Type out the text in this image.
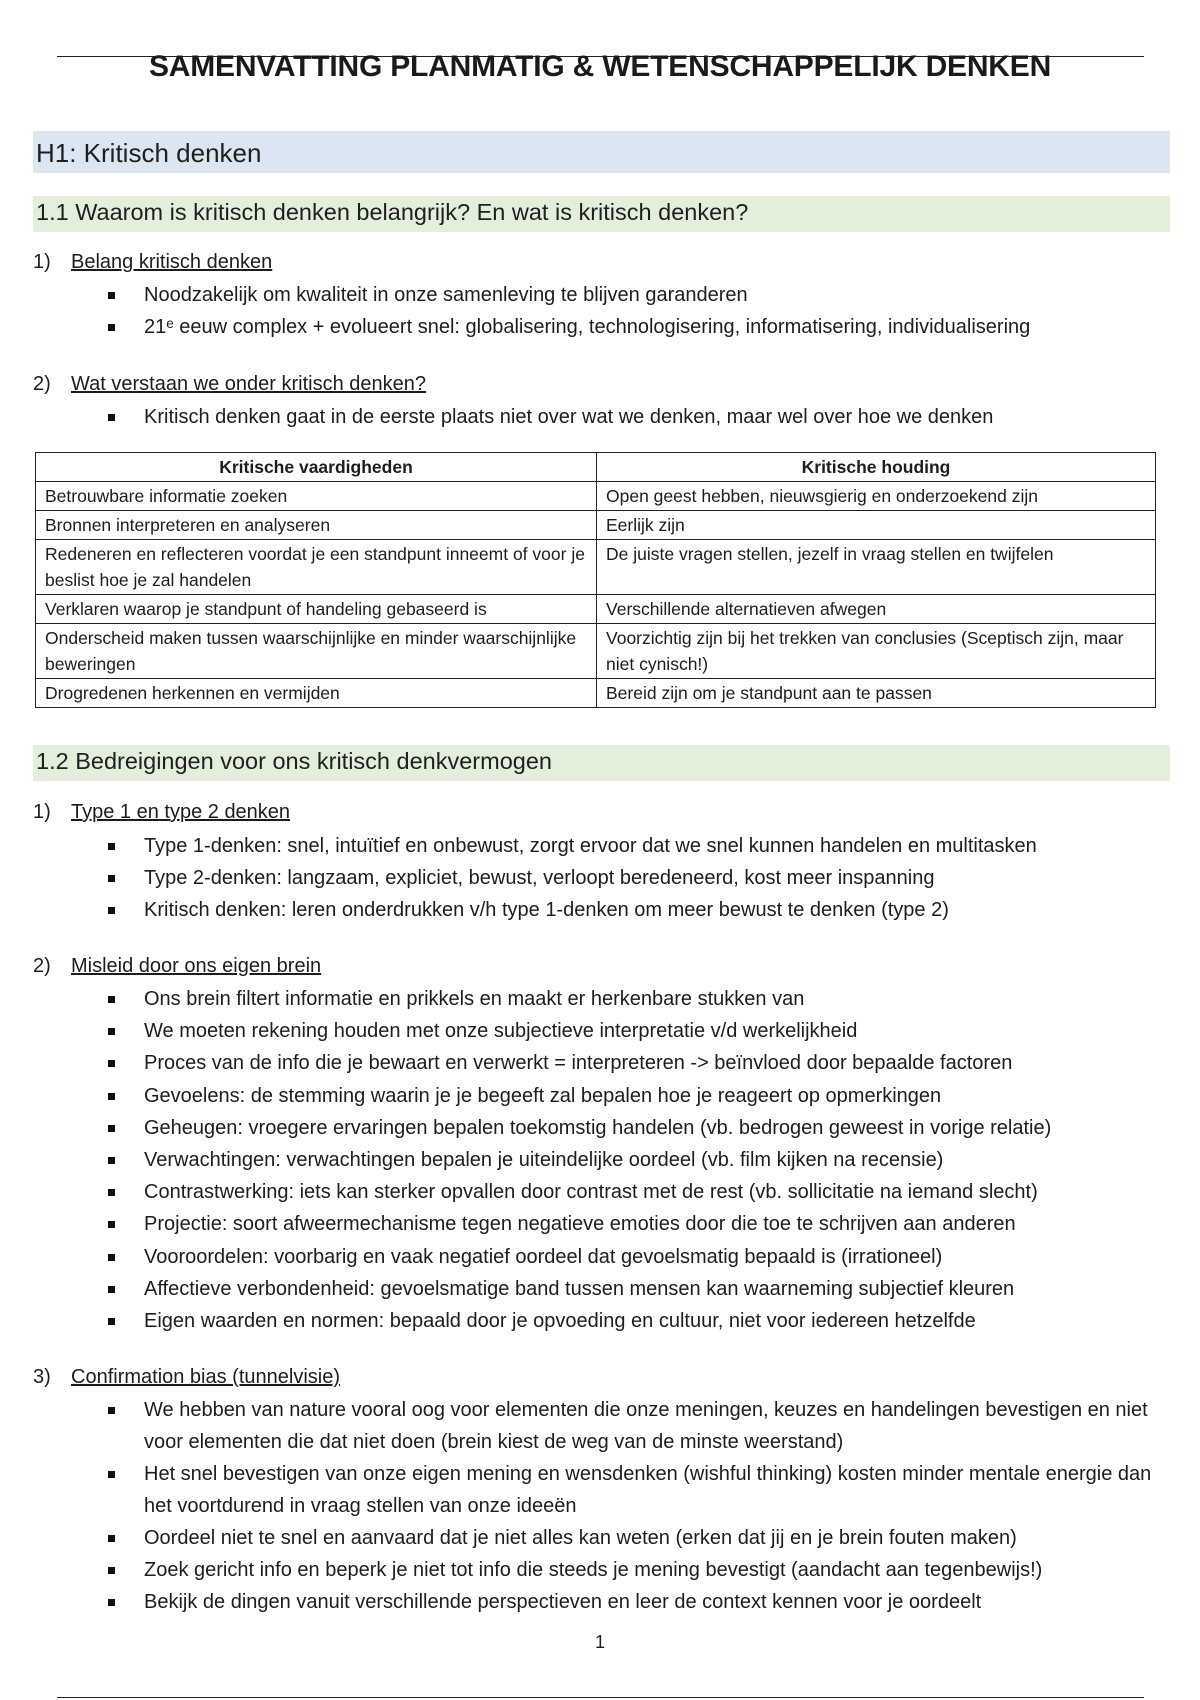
SAMENVATTING PLANMATIG & WETENSCHAPPELIJK DENKEN
H1: Kritisch denken
1.1 Waarom is kritisch denken belangrijk? En wat is kritisch denken?
1) Belang kritisch denken
Noodzakelijk om kwaliteit in onze samenleving te blijven garanderen
21ᵉ eeuw complex + evolueert snel: globalisering, technologisering, informatisering, individualisering
2) Wat verstaan we onder kritisch denken?
Kritisch denken gaat in de eerste plaats niet over wat we denken, maar wel over hoe we denken
Kritische vaardigheden	Kritische houding
Betrouwbare informatie zoeken	Open geest hebben, nieuwsgierig en onderzoekend zijn
Bronnen interpreteren en analyseren	Eerlijk zijn
Redeneren en reflecteren voordat je een standpunt inneemt of voor je beslist hoe je zal handelen	De juiste vragen stellen, jezelf in vraag stellen en twijfelen
Verklaren waarop je standpunt of handeling gebaseerd is	Verschillende alternatieven afwegen
Onderscheid maken tussen waarschijnlijke en minder waarschijnlijke beweringen	Voorzichtig zijn bij het trekken van conclusies (Sceptisch zijn, maar niet cynisch!)
Drogredenen herkennen en vermijden	Bereid zijn om je standpunt aan te passen
1.2 Bedreigingen voor ons kritisch denkvermogen
1) Type 1 en type 2 denken
Type 1-denken: snel, intuïtief en onbewust, zorgt ervoor dat we snel kunnen handelen en multitasken
Type 2-denken: langzaam, expliciet, bewust, verloopt beredeneerd, kost meer inspanning
Kritisch denken: leren onderdrukken v/h type 1-denken om meer bewust te denken (type 2)
2) Misleid door ons eigen brein
Ons brein filtert informatie en prikkels en maakt er herkenbare stukken van
We moeten rekening houden met onze subjectieve interpretatie v/d werkelijkheid
Proces van de info die je bewaart en verwerkt = interpreteren -> beïnvloed door bepaalde factoren
Gevoelens: de stemming waarin je je begeeft zal bepalen hoe je reageert op opmerkingen
Geheugen: vroegere ervaringen bepalen toekomstig handelen (vb. bedrogen geweest in vorige relatie)
Verwachtingen: verwachtingen bepalen je uiteindelijke oordeel (vb. film kijken na recensie)
Contrastwerking: iets kan sterker opvallen door contrast met de rest (vb. sollicitatie na iemand slecht)
Projectie: soort afweermechanisme tegen negatieve emoties door die toe te schrijven aan anderen
Vooroordelen: voorbarig en vaak negatief oordeel dat gevoelsmatig bepaald is (irrationeel)
Affectieve verbondenheid: gevoelsmatige band tussen mensen kan waarneming subjectief kleuren
Eigen waarden en normen: bepaald door je opvoeding en cultuur, niet voor iedereen hetzelfde
3) Confirmation bias (tunnelvisie)
We hebben van nature vooral oog voor elementen die onze meningen, keuzes en handelingen bevestigen en niet voor elementen die dat niet doen (brein kiest de weg van de minste weerstand)
Het snel bevestigen van onze eigen mening en wensdenken (wishful thinking) kosten minder mentale energie dan het voortdurend in vraag stellen van onze ideeën
Oordeel niet te snel en aanvaard dat je niet alles kan weten (erken dat jij en je brein fouten maken)
Zoek gericht info en beperk je niet tot info die steeds je mening bevestigt (aandacht aan tegenbewijs!)
Bekijk de dingen vanuit verschillende perspectieven en leer de context kennen voor je oordeelt
1
